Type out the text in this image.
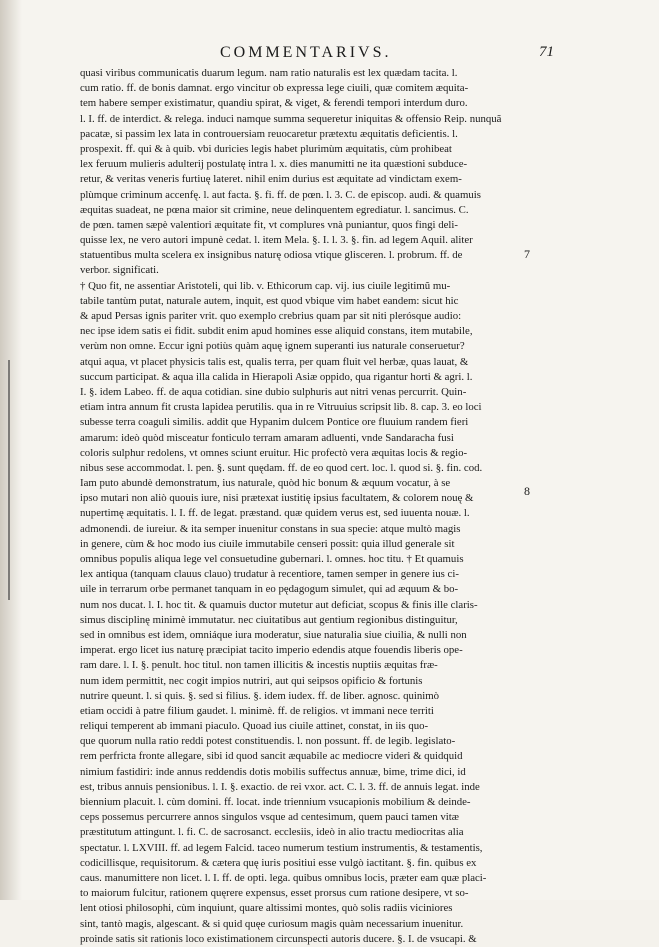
COMMENTARIVS.	71
7
8
quasi viribus communicatis duarum legum. nam ratio naturalis est lex quædam tacita. l.
cum ratio. ff. de bonis damnat. ergo vincitur ob expressa lege ciuili, quæ comitem æquita-
tem habere semper existimatur, quandiu spirat, & viget, & ferendi tempori interdum duro.
l. I. ff. de interdict. & relega. induci namque summa sequeretur iniquitas & offensio Reip. nunquã
pacatæ, si passim lex lata in controuersiam reuocaretur prætextu æquitatis deficientis. l.
prospexit. ff. qui & à quib. vbi duricies legis habet plurimùm æquitatis, cùm prohibeat
lex feruum mulieris adulterij postulatę intra l. x. dies manumitti ne ita quæstioni subduce-
retur, & veritas veneris furtiuę lateret. nihil enim durius est æquitate ad vindictam exem-
plùmque criminum accenfę. l. aut facta. §. fi. ff. de pœn. l. 3. C. de episcop. audi. & quamuis
æquitas suadeat, ne pœna maior sit crimine, neue delinquentem egrediatur. l. sancimus. C.
de pœn. tamen sæpè valentiori æquitate fit, vt complures vnà puniantur, quos fingi deli-
quisse lex, ne vero autori impunè cedat. l. item Mela. §. I. l. 3. §. fin. ad legem Aquil. aliter
statuentibus multa scelera ex insignibus naturę odiosa vtique glisceren. l. probrum. ff. de
verbor. significati.
† Quo fit, ne assentiar Aristoteli, qui lib. v. Ethicorum cap. vij. ius ciuile legitimũ mu-
tabile tantùm putat, naturale autem, inquit, est quod vbique vim habet eandem: sicut hic
& apud Persas ignis pariter vrit. quo exemplo crebrius quam par sit niti plerósque audio:
nec ipse idem satis ei fidit. subdit enim apud homines esse aliquid constans, item mutabile,
verùm non omne. Eccur igni potiùs quàm aquę ignem superanti ius naturale conseruetur?
atqui aqua, vt placet physicis talis est, qualis terra, per quam fluit vel herbæ, quas lauat, &
succum participat. & aqua illa calida in Hierapoli Asiæ oppido, qua rigantur horti & agri. l.
I. §. idem Labeo. ff. de aqua cotidian. sine dubio sulphuris aut nitri venas percurrit. Quin-
etiam intra annum fit crusta lapidea perutilis. qua in re Vitruuius scripsit lib. 8. cap. 3. eo loci
subesse terra coaguli similis. addit que Hypanim dulcem Pontice ore fluuium randem fieri
amarum: ideò quòd misceatur fonticulo terram amaram adluenti, vnde Sandaracha fusi
coloris sulphur redolens, vt omnes sciunt eruitur. Hic profectò vera æquitas locis & regio-
nibus sese accommodat. l. pen. §. sunt quędam. ff. de eo quod cert. loc. l. quod si. §. fin. cod.
Iam puto abundè demonstratum, ius naturale, quòd hic bonum & æquum vocatur, à se
ipso mutari non aliò quouis iure, nisi prætexat iustitię ipsius facultatem, & colorem nouę &
nupertimę æquitatis. l. I. ff. de legat. præstand. quæ quidem verus est, sed iuuenta nouæ. l.
admonendi. de iureiur. & ita semper inuenitur constans in sua specie: atque multò magis
in genere, cùm & hoc modo ius ciuile immutabile censeri possit: quia illud generale sit
omnibus populis aliqua lege vel consuetudine gubernari. l. omnes. hoc titu. † Et quamuis
lex antiqua (tanquam clauus clauo) trudatur à recentiore, tamen semper in genere ius ci-
uile in terrarum orbe permanet tanquam in eo pędagogum simulet, qui ad æquum & bo-
num nos ducat. l. I. hoc tit. & quamuis ductor mutetur aut deficiat, scopus & finis ille claris-
simus disciplinę minimè immutatur. nec ciuitatibus aut gentium regionibus distinguitur,
sed in omnibus est idem, omniáque iura moderatur, siue naturalia siue ciuilia, & nulli non
imperat. ergo licet ius naturę præcipiat tacito imperio edendis atque fouendis liberis ope-
ram dare. l. I. §. penult. hoc titul. non tamen illicitis & incestis nuptiis æquitas fræ-
num idem permittit, nec cogit impios nutriri, aut qui seipsos opificio & fortunis
nutrire queunt. l. si quis. §. sed si filius. §. idem iudex. ff. de liber. agnosc. quinimò
etiam occidi à patre filium gaudet. l. minimè. ff. de religios. vt immani nece territi
reliqui temperent ab immani piaculo. Quoad ius ciuile attinet, constat, in iis quo-
que quorum nulla ratio reddi potest constituendis. l. non possunt. ff. de legib. legislato-
rem perfricta fronte allegare, sibi id quod sancit æquabile ac mediocre videri & quidquid
nimium fastidiri: inde annus reddendis dotis mobilis suffectus annuæ, bime, trime dici, id
est, tribus annuis pensionibus. l. I. §. exactio. de rei vxor. act. C. l. 3. ff. de annuis legat. inde
biennium placuit. l. cùm domini. ff. locat. inde triennium vsucapionis mobilium & deinde-
ceps possemus percurrere annos singulos vsque ad centesimum, quem pauci tamen vitæ
præstitutum attingunt. l. fi. C. de sacrosanct. ecclesiis, ideò in alio tractu mediocritas alia
spectatur. l. LXVIII. ff. ad legem Falcid. taceo numerum testium instrumentis, & testamentis,
codicillisque, requisitorum. & cætera quę iuris positiui esse vulgò iactitant. §. fin. quibus ex
caus. manumittere non licet. l. I. ff. de opti. lega. quibus omnibus locis, præter eam quæ placi-
to maiorum fulcitur, rationem quęrere expensus, esset prorsus cum ratione desipere, vt so-
lent otiosi philosophi, cùm inquiunt, quare altissimi montes, quò solis radiis viciniores
sint, tantò magis, algescant. & si quid quęe curiosum magis quàm necessarium inuenitur.
proinde satis sit rationis loco existimationem circunspecti autoris ducere. §. I. de vsucapi. &
